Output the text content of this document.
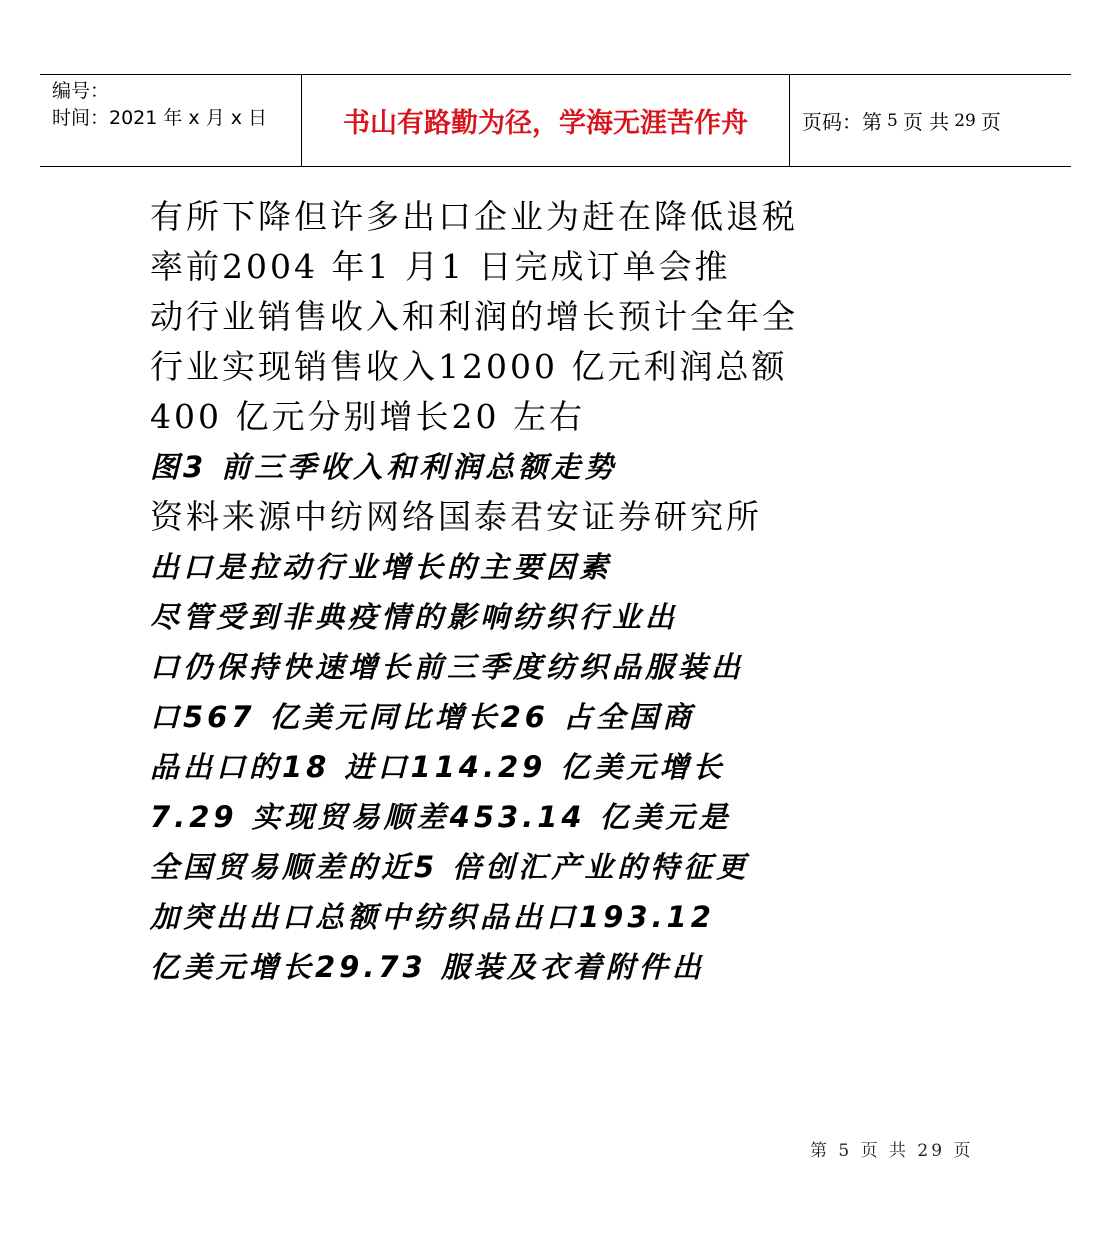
编号：
时间：2021 年 x 月 x 日	书山有路勤为径，学海无涯苦作舟	页码：第 5 页 共 29 页
有所下降但许多出口企业为赶在降低退税
率前2004 年1 月1 日完成订单会推
动行业销售收入和利润的增长预计全年全
行业实现销售收入12000 亿元利润总额
400 亿元分别增长20 左右
图3 前三季收入和利润总额走势
资料来源中纺网络国泰君安证券研究所
出口是拉动行业增长的主要因素
尽管受到非典疫情的影响纺织行业出
口仍保持快速增长前三季度纺织品服装出
口567 亿美元同比增长26 占全国商
品出口的18 进口114.29 亿美元增长
7.29 实现贸易顺差453.14 亿美元是
全国贸易顺差的近5 倍创汇产业的特征更
加突出出口总额中纺织品出口193.12
亿美元增长29.73 服装及衣着附件出
第 5 页 共 29 页
